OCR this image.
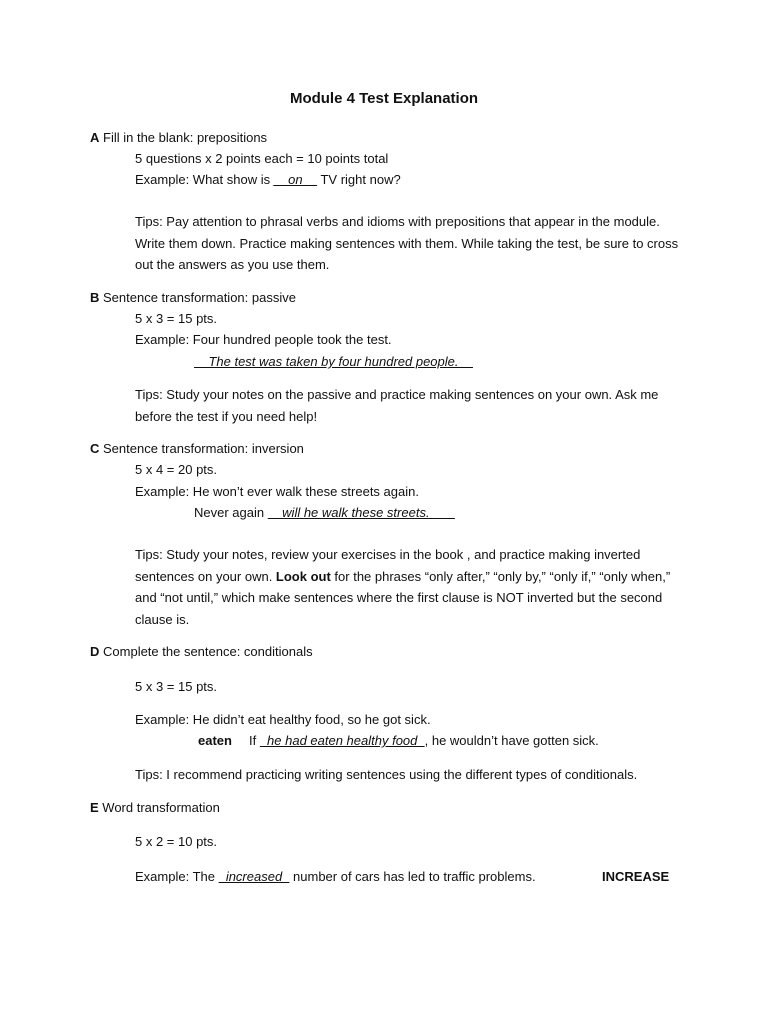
Module 4 Test Explanation
A Fill in the blank: prepositions
5 questions x 2 points each = 10 points total
Example: What show is __on__ TV right now?
Tips: Pay attention to phrasal verbs and idioms with prepositions that appear in the module. Write them down. Practice making sentences with them. While taking the test, be sure to cross out the answers as you use them.
B Sentence transformation: passive
5 x 3 = 15 pts.
Example: Four hundred people took the test.
The test was taken by four hundred people.
Tips: Study your notes on the passive and practice making sentences on your own. Ask me before the test if you need help!
C Sentence transformation: inversion
5 x 4 = 20 pts.
Example: He won’t ever walk these streets again.
Never again     will he walk these streets.
Tips: Study your notes, review your exercises in the book , and practice making inverted sentences on your own. Look out for the phrases “only after,” “only by,” “only if,” “only when,” and “not until,” which make sentences where the first clause is NOT inverted but the second clause is.
D Complete the sentence: conditionals
5 x 3 = 15 pts.
Example: He didn’t eat healthy food, so he got sick.
eaten If   he had eaten healthy food  , he wouldn’t have gotten sick.
Tips: I recommend practicing writing sentences using the different types of conditionals.
E Word transformation
5 x 2 = 10 pts.
Example: The   increased   number of cars has led to traffic problems.	INCREASE
